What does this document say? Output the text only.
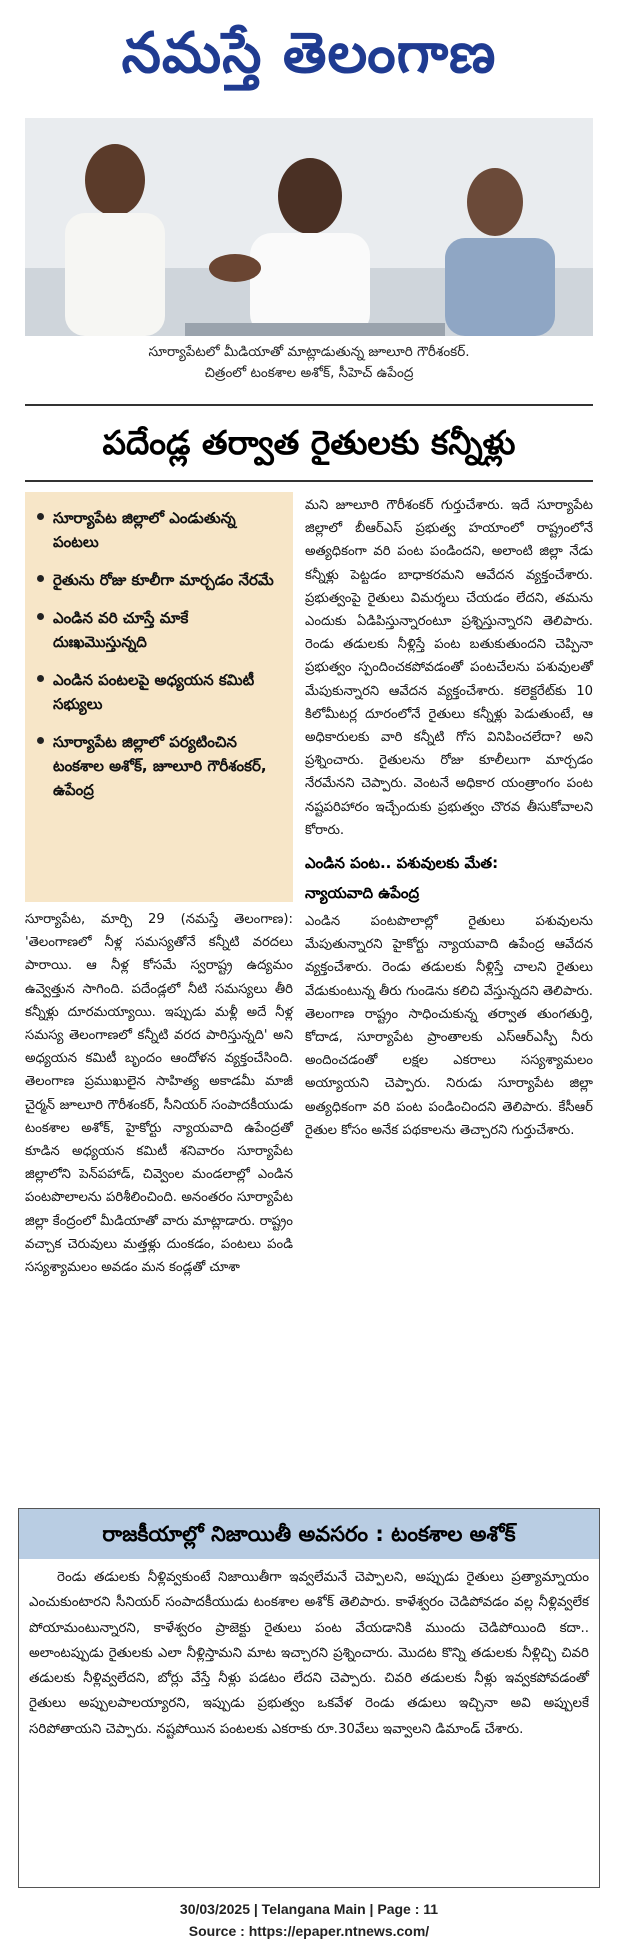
నమస్తే తెలంగాణ
సూర్యాపేటలో మీడియాతో మాట్లాడుతున్న జూలూరి గౌరీశంకర్.
చిత్రంలో టంకశాల అశోక్, సీహెచ్ ఉపేంద్ర
పదేండ్ల తర్వాత రైతులకు కన్నీళ్లు
సూర్యాపేట జిల్లాలో ఎండుతున్న పంటలు
రైతును రోజు కూలీగా మార్చడం నేరమే
ఎండిన వరి చూస్తే మాకే దుఃఖమొస్తున్నది
ఎండిన పంటలపై అధ్యయన కమిటీ సభ్యులు
సూర్యాపేట జిల్లాలో పర్యటించిన టంకశాల అశోక్, జూలూరి గౌరీశంకర్, ఉపేంద్ర

సూర్యాపేట, మార్చి 29 (నమస్తే తెలంగాణ): 'తెలంగాణలో నీళ్ల సమస్యతోనే కన్నీటి వరదలు పారాయి. ఆ నీళ్ల కోసమే స్వరాష్ట్ర ఉద్యమం ఉవ్వెత్తున సాగింది. పదేండ్లలో నీటి సమస్యలు తీరి కన్నీళ్లు దూరమయ్యాయి. ఇప్పుడు మళ్లీ అదే నీళ్ల సమస్య తెలంగాణలో కన్నీటి వరద పారిస్తున్నది' అని అధ్యయన కమిటీ బృందం ఆందోళన వ్యక్తంచేసింది. తెలంగాణ ప్రముఖులైన సాహిత్య అకాడమీ మాజీ చైర్మన్ జూలూరి గౌరీశంకర్, సీనియర్ సంపాదకీయుడు టంకశాల అశోక్, హైకోర్టు న్యాయవాది ఉపేంద్రతో కూడిన అధ్యయన కమిటీ శనివారం సూర్యాపేట జిల్లాలోని పెన్‌పహాడ్, చివ్వెంల మండలాల్లో ఎండిన పంటపొలాలను పరిశీలించింది. అనంతరం సూర్యాపేట జిల్లా కేంద్రంలో మీడియాతో వారు మాట్లాడారు. రాష్ట్రం వచ్చాక చెరువులు మత్తళ్లు దుంకడం, పంటలు పండి సస్యశ్యామలం అవడం మన కండ్లతో చూశా

మని జూలూరి గౌరీశంకర్ గుర్తుచేశారు. ఇదే సూర్యాపేట జిల్లాలో బీఆర్ఎస్ ప్రభుత్వ హయాంలో రాష్ట్రంలోనే అత్యధికంగా వరి పంట పండిందని, అలాంటి జిల్లా నేడు కన్నీళ్లు పెట్టడం బాధాకరమని ఆవేదన వ్యక్తంచేశారు. ప్రభుత్వంపై రైతులు విమర్శలు చేయడం లేదని, తమను ఎందుకు ఏడిపిస్తున్నారంటూ ప్రశ్నిస్తున్నారని తెలిపారు. రెండు తడులకు నీళ్లిస్తే పంట బతుకుతుందని చెప్పినా ప్రభుత్వం స్పందించకపోవడంతో పంటచేలను పశువులతో మేపుకున్నారని ఆవేదన వ్యక్తంచేశారు. కలెక్టరేట్‌కు 10 కిలోమీటర్ల దూరంలోనే రైతులు కన్నీళ్లు పెడుతుంటే, ఆ అధికారులకు వారి కన్నీటి గోస వినిపించలేదా? అని ప్రశ్నించారు. రైతులను రోజు కూలీలుగా మార్చడం నేరమేనని చెప్పారు. వెంటనే అధికార యంత్రాంగం పంట నష్టపరిహారం ఇచ్చేందుకు ప్రభుత్వం చొరవ తీసుకోవాలని కోరారు.

ఎండిన పంట.. పశువులకు మేత:
న్యాయవాది ఉపేంద్ర

ఎండిన పంటపొలాల్లో రైతులు పశువులను మేపుతున్నారని హైకోర్టు న్యాయవాది ఉపేంద్ర ఆవేదన వ్యక్తంచేశారు. రెండు తడులకు నీళ్లిస్తే చాలని రైతులు వేడుకుంటున్న తీరు గుండెను కలిచి వేస్తున్నదని తెలిపారు. తెలంగాణ రాష్ట్రం సాధించుకున్న తర్వాత తుంగతుర్తి, కోదాడ, సూర్యాపేట ప్రాంతాలకు ఎస్ఆర్ఎస్పీ నీరు అందించడంతో లక్షల ఎకరాలు సస్యశ్యామలం అయ్యాయని చెప్పారు. నిరుడు సూర్యాపేట జిల్లా అత్యధికంగా వరి పంట పండించిందని తెలిపారు. కేసీఆర్ రైతుల కోసం అనేక పథకాలను తెచ్చారని గుర్తుచేశారు.

రాజకీయాల్లో నిజాయితీ అవసరం : టంకశాల అశోక్

రెండు తడులకు నీళ్లివ్వకుంటే నిజాయితీగా ఇవ్వలేమనే చెప్పాలని, అప్పుడు రైతులు ప్రత్యామ్నాయం ఎంచుకుంటారని సీనియర్ సంపాదకీయుడు టంకశాల అశోక్ తెలిపారు. కాళేశ్వరం చెడిపోవడం వల్ల నీళ్లివ్వలేక పోయామంటున్నారని, కాళేశ్వరం ప్రాజెక్టు రైతులు పంట వేయడానికి ముందు చెడిపోయింది కదా.. అలాంటప్పుడు రైతులకు ఎలా నీళ్లిస్తామని మాట ఇచ్చారని ప్రశ్నించారు. మొదట కొన్ని తడులకు నీళ్లిచ్చి చివరి తడులకు నీళ్లివ్వలేదని, బోర్లు వేస్తే నీళ్లు పడటం లేదని చెప్పారు. చివరి తడులకు నీళ్లు ఇవ్వకపోవడంతో రైతులు అప్పులపాలయ్యారని, ఇప్పుడు ప్రభుత్వం ఒకవేళ రెండు తడులు ఇచ్చినా అవి అప్పులకే సరిపోతాయని చెప్పారు. నష్టపోయిన పంటలకు ఎకరాకు రూ.30వేలు ఇవ్వాలని డిమాండ్ చేశారు.

30/03/2025 | Telangana Main | Page : 11
Source : https://epaper.ntnews.com/
